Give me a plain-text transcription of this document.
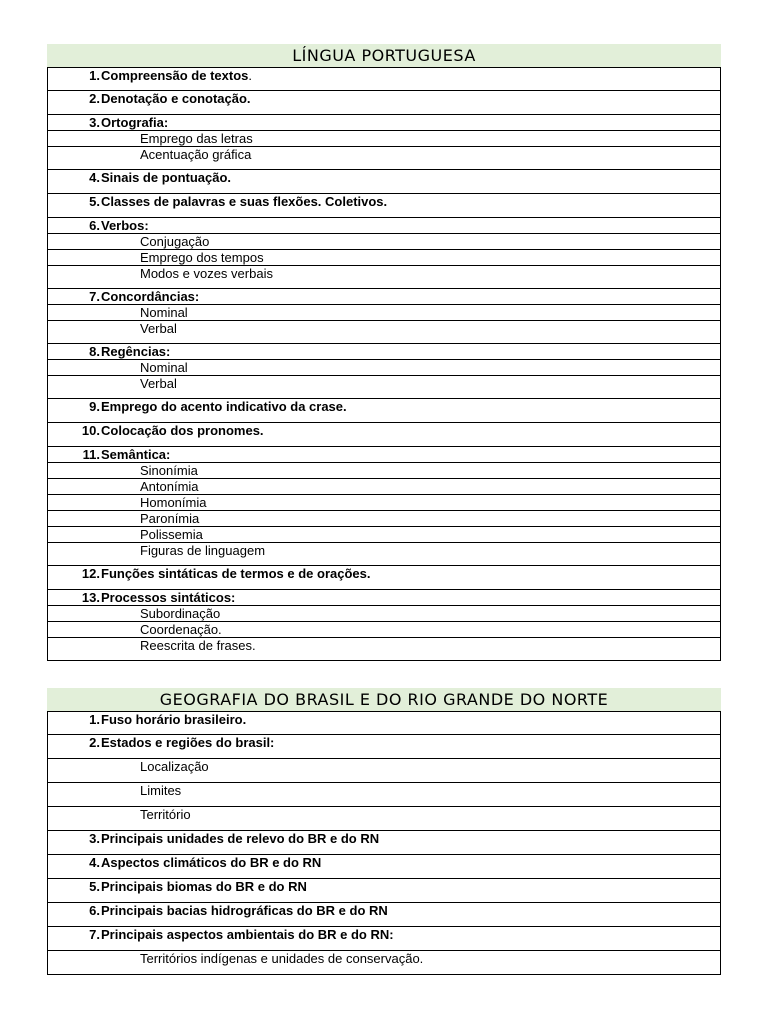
LÍNGUA PORTUGUESA
1. Compreensão de textos.
2. Denotação e conotação.
3. Ortografia:
Emprego das letras
Acentuação gráfica
4. Sinais de pontuação.
5. Classes de palavras e suas flexões. Coletivos.
6. Verbos:
Conjugação
Emprego dos tempos
Modos e vozes verbais
7. Concordâncias:
Nominal
Verbal
8. Regências:
Nominal
Verbal
9. Emprego do acento indicativo da crase.
10. Colocação dos pronomes.
11. Semântica:
Sinonímia
Antonímia
Homonímia
Paronímia
Polissemia
Figuras de linguagem
12. Funções sintáticas de termos e de orações.
13. Processos sintáticos:
Subordinação
Coordenação.
Reescrita de frases.
GEOGRAFIA DO BRASIL E DO RIO GRANDE DO NORTE
1. Fuso horário brasileiro.
2. Estados e regiões do brasil:
Localização
Limites
Território
3. Principais unidades de relevo do BR e do RN
4. Aspectos climáticos do BR e do RN
5. Principais biomas do BR e do RN
6. Principais bacias hidrográficas do BR e do RN
7. Principais aspectos ambientais do BR e do RN:
Territórios indígenas e unidades de conservação.
